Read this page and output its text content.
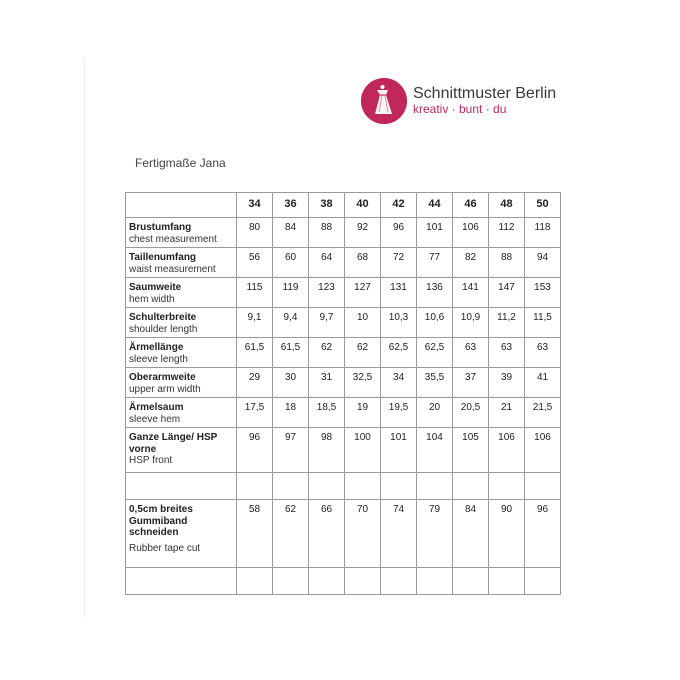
Schnittmuster Berlin
kreativ · bunt · du
Fertigmaße Jana
	34	36	38	40	42	44	46	48	50

Brustumfang
chest measurement	80	84	88	92	96	101	106	112	118

Taillenumfang
waist measurement	56	60	64	68	72	77	82	88	94

Saumweite
hem width	115	119	123	127	131	136	141	147	153

Schulterbreite
shoulder length	9,1	9,4	9,7	10	10,3	10,6	10,9	11,2	11,5

Ärmellänge
sleeve length	61,5	61,5	62	62	62,5	62,5	63	63	63

Oberarmweite
upper arm width	29	30	31	32,5	34	35,5	37	39	41

Ärmelsaum
sleeve hem	17,5	18	18,5	19	19,5	20	20,5	21	21,5

Ganze Länge/ HSP vorne
HSP front	96	97	98	100	101	104	105	106	106

0,5cm breites Gummiband schneiden
Rubber tape cut	58	62	66	70	74	79	84	90	96
